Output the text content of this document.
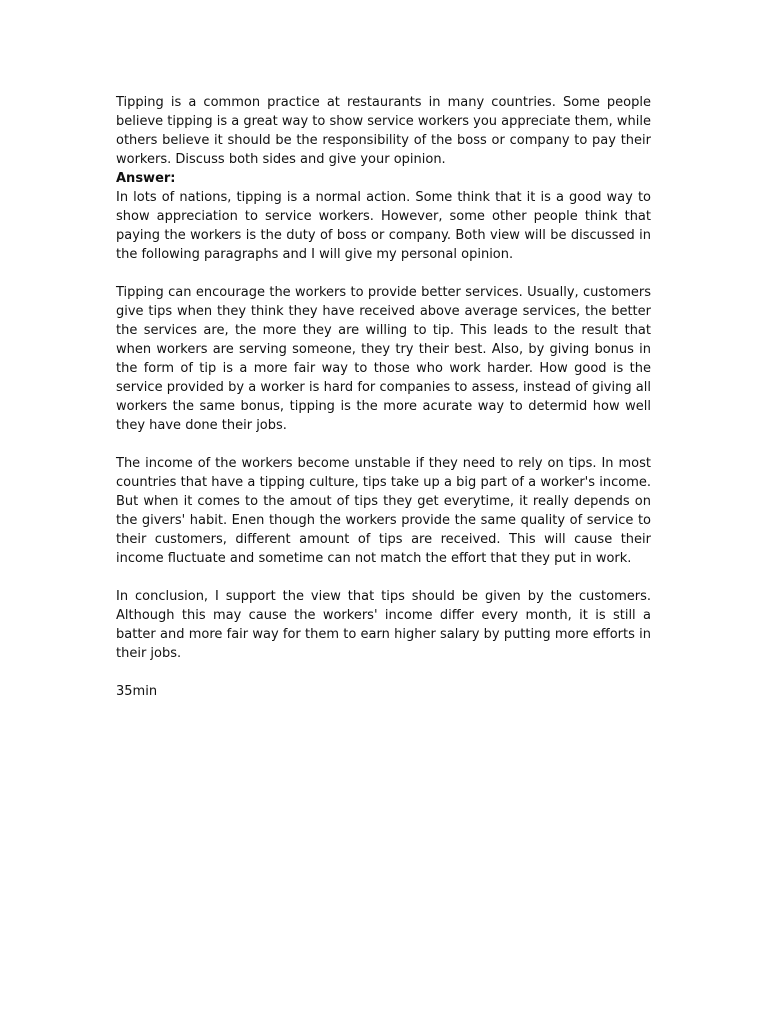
Tipping is a common practice at restaurants in many countries. Some people believe tipping is a great way to show service workers you appreciate them, while others believe it should be the responsibility of the boss or company to pay their workers. Discuss both sides and give your opinion.

Answer:

In lots of nations, tipping is a normal action. Some think that it is a good way to show appreciation to service workers. However, some other people think that paying the workers is the duty of boss or company. Both view will be discussed in the following paragraphs and I will give my personal opinion.

Tipping can encourage the workers to provide better services. Usually, customers give tips when they think they have received above average services, the better the services are, the more they are willing to tip. This leads to the result that when workers are serving someone, they try their best. Also, by giving bonus in the form of tip is a more fair way to those who work harder. How good is the service provided by a worker is hard for companies to assess, instead of giving all workers the same bonus, tipping is the more acurate way to determid how well they have done their jobs.

The income of the workers become unstable if they need to rely on tips. In most countries that have a tipping culture, tips take up a big part of a worker's income. But when it comes to the amout of tips they get everytime, it really depends on the givers' habit. Enen though the workers provide the same quality of service to their customers, different amount of tips are received. This will cause their income fluctuate and sometime can not match the effort that they put in work.

In conclusion, I support the view that tips should be given by the customers. Although this may cause the workers' income differ every month, it is still a batter and more fair way for them to earn higher salary by putting more efforts in their jobs.

35min
